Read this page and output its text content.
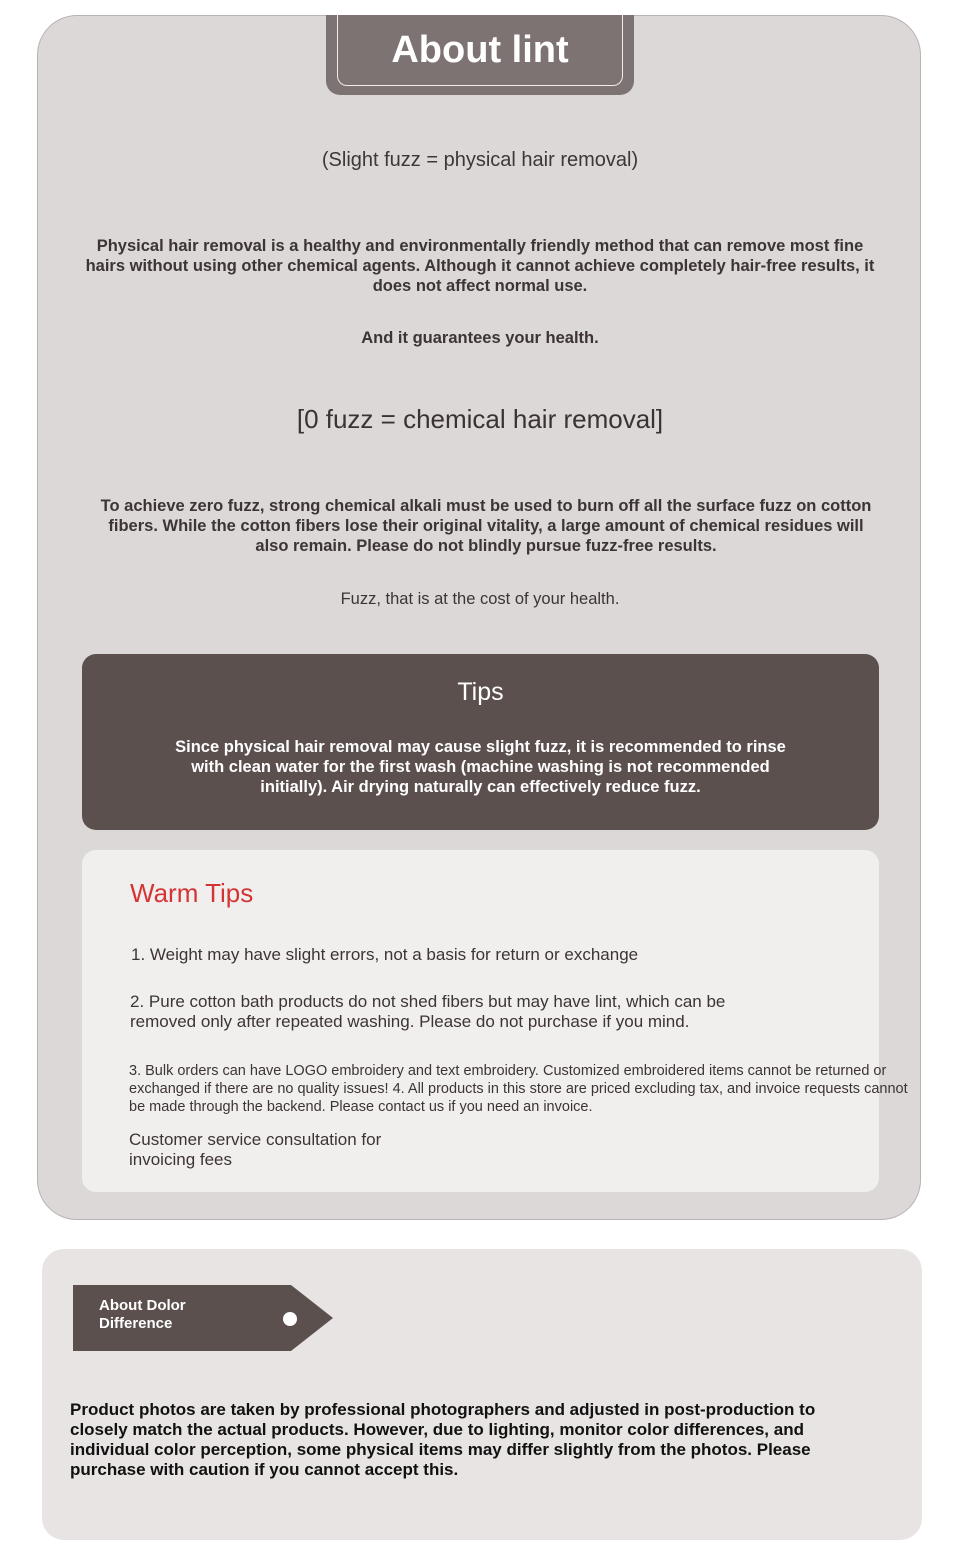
About lint
(Slight fuzz = physical hair removal)
Physical hair removal is a healthy and environmentally friendly method that can remove most fine hairs without using other chemical agents. Although it cannot achieve completely hair-free results, it does not affect normal use.
And it guarantees your health.
[0 fuzz = chemical hair removal]
To achieve zero fuzz, strong chemical alkali must be used to burn off all the surface fuzz on cotton fibers. While the cotton fibers lose their original vitality, a large amount of chemical residues will also remain. Please do not blindly pursue fuzz-free results.
Fuzz, that is at the cost of your health.
Tips
Since physical hair removal may cause slight fuzz, it is recommended to rinse with clean water for the first wash (machine washing is not recommended initially). Air drying naturally can effectively reduce fuzz.
Warm Tips
1. Weight may have slight errors, not a basis for return or exchange
2. Pure cotton bath products do not shed fibers but may have lint, which can be removed only after repeated washing. Please do not purchase if you mind.
3. Bulk orders can have LOGO embroidery and text embroidery. Customized embroidered items cannot be returned or exchanged if there are no quality issues! 4. All products in this store are priced excluding tax, and invoice requests cannot be made through the backend. Please contact us if you need an invoice.
Customer service consultation for invoicing fees
About Dolor Difference
Product photos are taken by professional photographers and adjusted in post-production to closely match the actual products. However, due to lighting, monitor color differences, and individual color perception, some physical items may differ slightly from the photos. Please purchase with caution if you cannot accept this.
